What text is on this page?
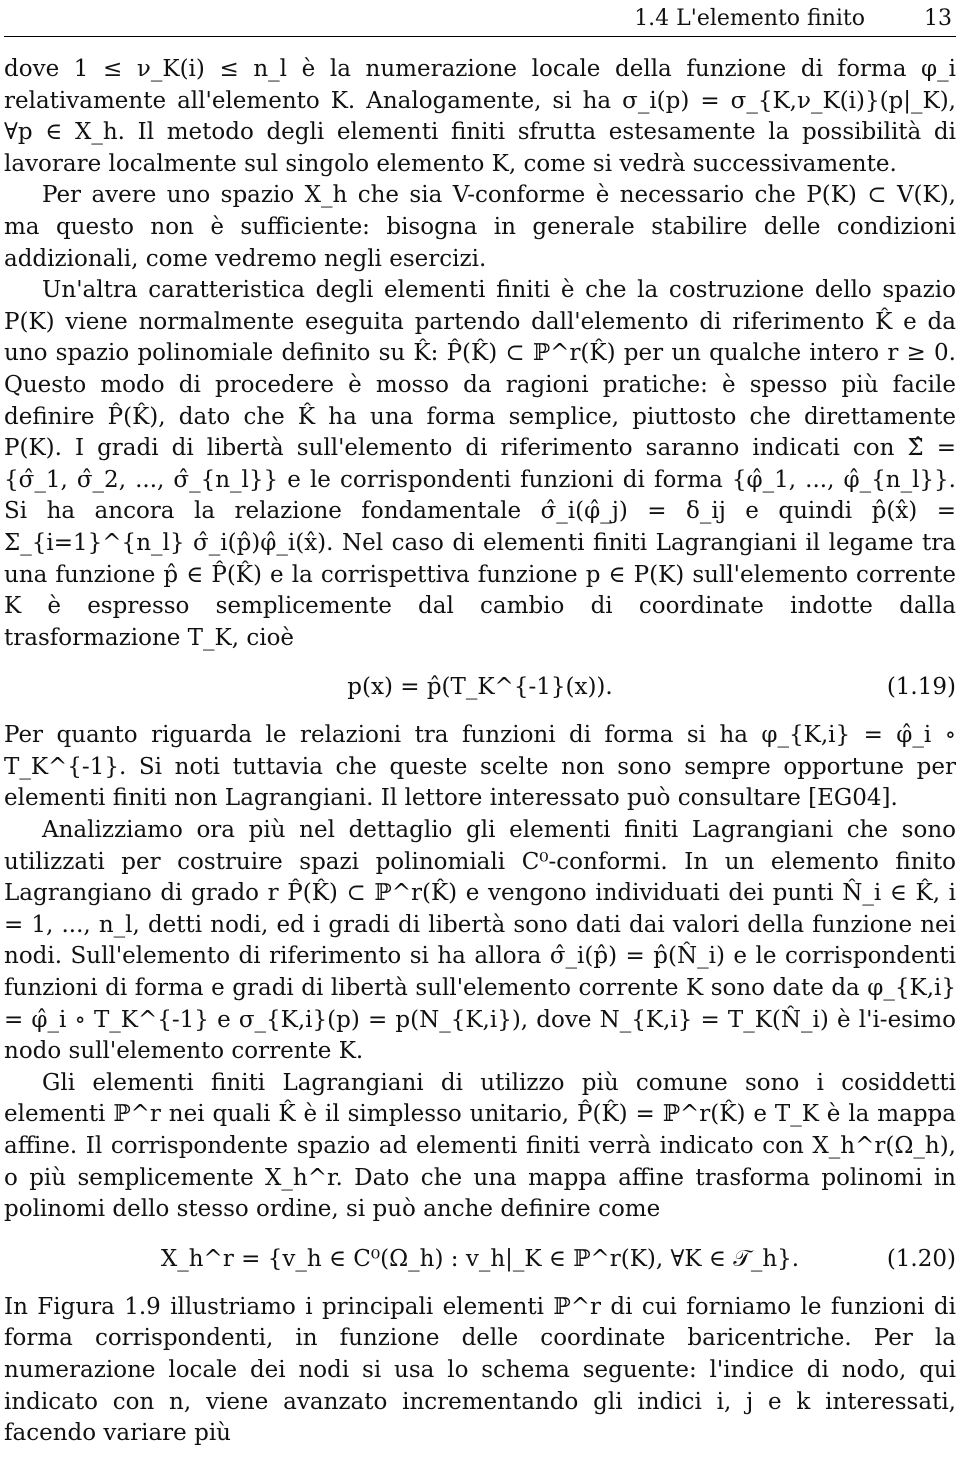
1.4 L'elemento finito	13

dove 1 ≤ ν_K(i) ≤ n_l è la numerazione locale della funzione di forma φ_i relativamente all'elemento K. Analogamente, si ha σ_i(p) = σ_{K,ν_K(i)}(p|_K), ∀p ∈ X_h. Il metodo degli elementi finiti sfrutta estesamente la possibilità di lavorare localmente sul singolo elemento K, come si vedrà successivamente.

Per avere uno spazio X_h che sia V-conforme è necessario che P(K) ⊂ V(K), ma questo non è sufficiente: bisogna in generale stabilire delle condizioni addizionali, come vedremo negli esercizi.

Un'altra caratteristica degli elementi finiti è che la costruzione dello spazio P(K) viene normalmente eseguita partendo dall'elemento di riferimento K̂ e da uno spazio polinomiale definito su K̂: P̂(K̂) ⊂ ℙ^r(K̂) per un qualche intero r ≥ 0. Questo modo di procedere è mosso da ragioni pratiche: è spesso più facile definire P̂(K̂), dato che K̂ ha una forma semplice, piuttosto che direttamente P(K). I gradi di libertà sull'elemento di riferimento saranno indicati con Σ̂ = {σ̂_1, σ̂_2, ..., σ̂_{n_l}} e le corrispondenti funzioni di forma {φ̂_1, ..., φ̂_{n_l}}. Si ha ancora la relazione fondamentale σ̂_i(φ̂_j) = δ_ij e quindi p̂(x̂) = Σ_{i=1}^{n_l} σ̂_i(p̂)φ̂_i(x̂). Nel caso di elementi finiti Lagrangiani il legame tra una funzione p̂ ∈ P̂(K̂) e la corrispettiva funzione p ∈ P(K) sull'elemento corrente K è espresso semplicemente dal cambio di coordinate indotte dalla trasformazione T_K, cioè

p(x) = p̂(T_K^{-1}(x)).	(1.19)

Per quanto riguarda le relazioni tra funzioni di forma si ha φ_{K,i} = φ̂_i ∘ T_K^{-1}. Si noti tuttavia che queste scelte non sono sempre opportune per elementi finiti non Lagrangiani. Il lettore interessato può consultare [EG04].

Analizziamo ora più nel dettaglio gli elementi finiti Lagrangiani che sono utilizzati per costruire spazi polinomiali C⁰-conformi. In un elemento finito Lagrangiano di grado r P̂(K̂) ⊂ ℙ^r(K̂) e vengono individuati dei punti N̂_i ∈ K̂, i = 1, ..., n_l, detti nodi, ed i gradi di libertà sono dati dai valori della funzione nei nodi. Sull'elemento di riferimento si ha allora σ̂_i(p̂) = p̂(N̂_i) e le corrispondenti funzioni di forma e gradi di libertà sull'elemento corrente K sono date da φ_{K,i} = φ̂_i ∘ T_K^{-1} e σ_{K,i}(p) = p(N_{K,i}), dove N_{K,i} = T_K(N̂_i) è l'i-esimo nodo sull'elemento corrente K.

Gli elementi finiti Lagrangiani di utilizzo più comune sono i cosiddetti elementi ℙ^r nei quali K̂ è il simplesso unitario, P̂(K̂) = ℙ^r(K̂) e T_K è la mappa affine. Il corrispondente spazio ad elementi finiti verrà indicato con X_h^r(Ω_h), o più semplicemente X_h^r. Dato che una mappa affine trasforma polinomi in polinomi dello stesso ordine, si può anche definire come

X_h^r = {v_h ∈ C⁰(Ω_h) : v_h|_K ∈ ℙ^r(K), ∀K ∈ 𝒯_h}.	(1.20)

In Figura 1.9 illustriamo i principali elementi ℙ^r di cui forniamo le funzioni di forma corrispondenti, in funzione delle coordinate baricentriche. Per la numerazione locale dei nodi si usa lo schema seguente: l'indice di nodo, qui indicato con n, viene avanzato incrementando gli indici i, j e k interessati, facendo variare più
